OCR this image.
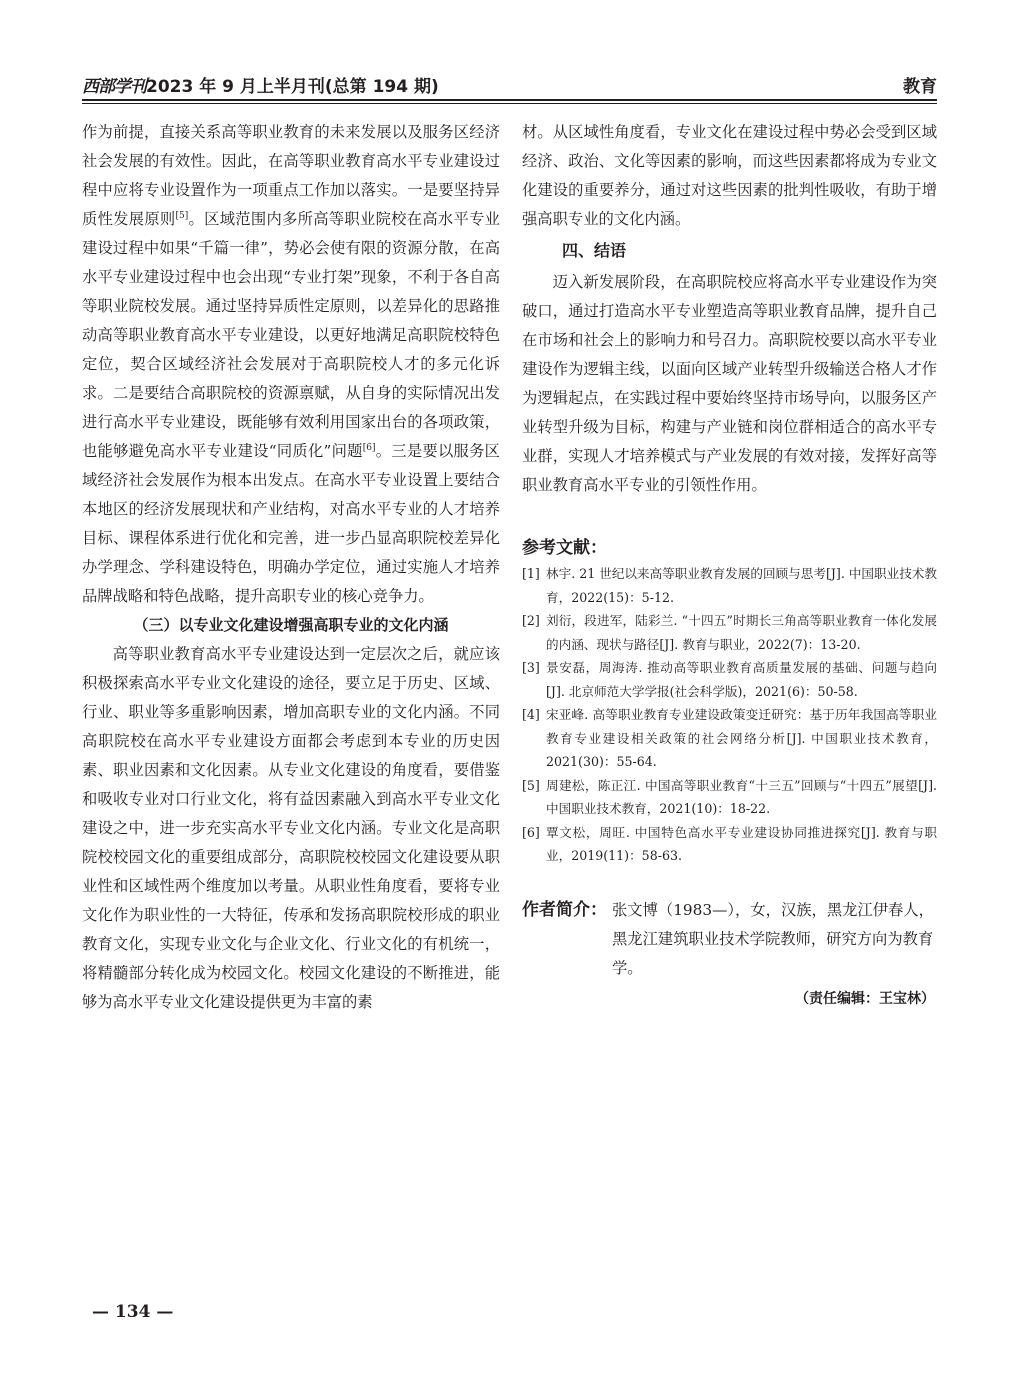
西部学刊2023 年 9 月上半月刊(总第 194 期)	教育

作为前提，直接关系高等职业教育的未来发展以及服务区经济社会发展的有效性。因此，在高等职业教育高水平专业建设过程中应将专业设置作为一项重点工作加以落实。一是要坚持异质性发展原则[5]。区域范围内多所高等职业院校在高水平专业建设过程中如果“千篇一律”，势必会使有限的资源分散，在高水平专业建设过程中也会出现“专业打架”现象，不利于各自高等职业院校发展。通过坚持异质性定原则，以差异化的思路推动高等职业教育高水平专业建设，以更好地满足高职院校特色定位，契合区域经济社会发展对于高职院校人才的多元化诉求。二是要结合高职院校的资源禀赋，从自身的实际情况出发进行高水平专业建设，既能够有效利用国家出台的各项政策，也能够避免高水平专业建设“同质化”问题[6]。三是要以服务区域经济社会发展作为根本出发点。在高水平专业设置上要结合本地区的经济发展现状和产业结构，对高水平专业的人才培养目标、课程体系进行优化和完善，进一步凸显高职院校差异化办学理念、学科建设特色，明确办学定位，通过实施人才培养品牌战略和特色战略，提升高职专业的核心竞争力。

（三）以专业文化建设增强高职专业的文化内涵

高等职业教育高水平专业建设达到一定层次之后，就应该积极探索高水平专业文化建设的途径，要立足于历史、区域、行业、职业等多重影响因素，增加高职专业的文化内涵。不同高职院校在高水平专业建设方面都会考虑到本专业的历史因素、职业因素和文化因素。从专业文化建设的角度看，要借鉴和吸收专业对口行业文化，将有益因素融入到高水平专业文化建设之中，进一步充实高水平专业文化内涵。专业文化是高职院校校园文化的重要组成部分，高职院校校园文化建设要从职业性和区域性两个维度加以考量。从职业性角度看，要将专业文化作为职业性的一大特征，传承和发扬高职院校形成的职业教育文化，实现专业文化与企业文化、行业文化的有机统一，将精髓部分转化成为校园文化。校园文化建设的不断推进，能够为高水平专业文化建设提供更为丰富的素

材。从区域性角度看，专业文化在建设过程中势必会受到区域经济、政治、文化等因素的影响，而这些因素都将成为专业文化建设的重要养分，通过对这些因素的批判性吸收，有助于增强高职专业的文化内涵。

四、结语

迈入新发展阶段，在高职院校应将高水平专业建设作为突破口，通过打造高水平专业塑造高等职业教育品牌，提升自己在市场和社会上的影响力和号召力。高职院校要以高水平专业建设作为逻辑主线，以面向区域产业转型升级输送合格人才作为逻辑起点，在实践过程中要始终坚持市场导向，以服务区产业转型升级为目标，构建与产业链和岗位群相适合的高水平专业群，实现人才培养模式与产业发展的有效对接，发挥好高等职业教育高水平专业的引领性作用。

参考文献：
[1] 林宇. 21 世纪以来高等职业教育发展的回顾与思考[J]. 中国职业技术教育，2022(15)：5-12.
[2] 刘衍，段进军，陆彩兰. “十四五”时期长三角高等职业教育一体化发展的内涵、现状与路径[J]. 教育与职业，2022(7)：13-20.
[3] 景安磊，周海涛. 推动高等职业教育高质量发展的基础、问题与趋向[J]. 北京师范大学学报(社会科学版)，2021(6)：50-58.
[4] 宋亚峰. 高等职业教育专业建设政策变迁研究：基于历年我国高等职业教育专业建设相关政策的社会网络分析[J]. 中国职业技术教育，2021(30)：55-64.
[5] 周建松，陈正江. 中国高等职业教育“十三五”回顾与“十四五”展望[J]. 中国职业技术教育，2021(10)：18-22.
[6] 覃文松，周旺. 中国特色高水平专业建设协同推进探究[J]. 教育与职业，2019(11)：58-63.
作者简介： 张文博（1983—），女，汉族，黑龙江伊春人，黑龙江建筑职业技术学院教师，研究方向为教育学。
（责任编辑：王宝林）
— 134 —
